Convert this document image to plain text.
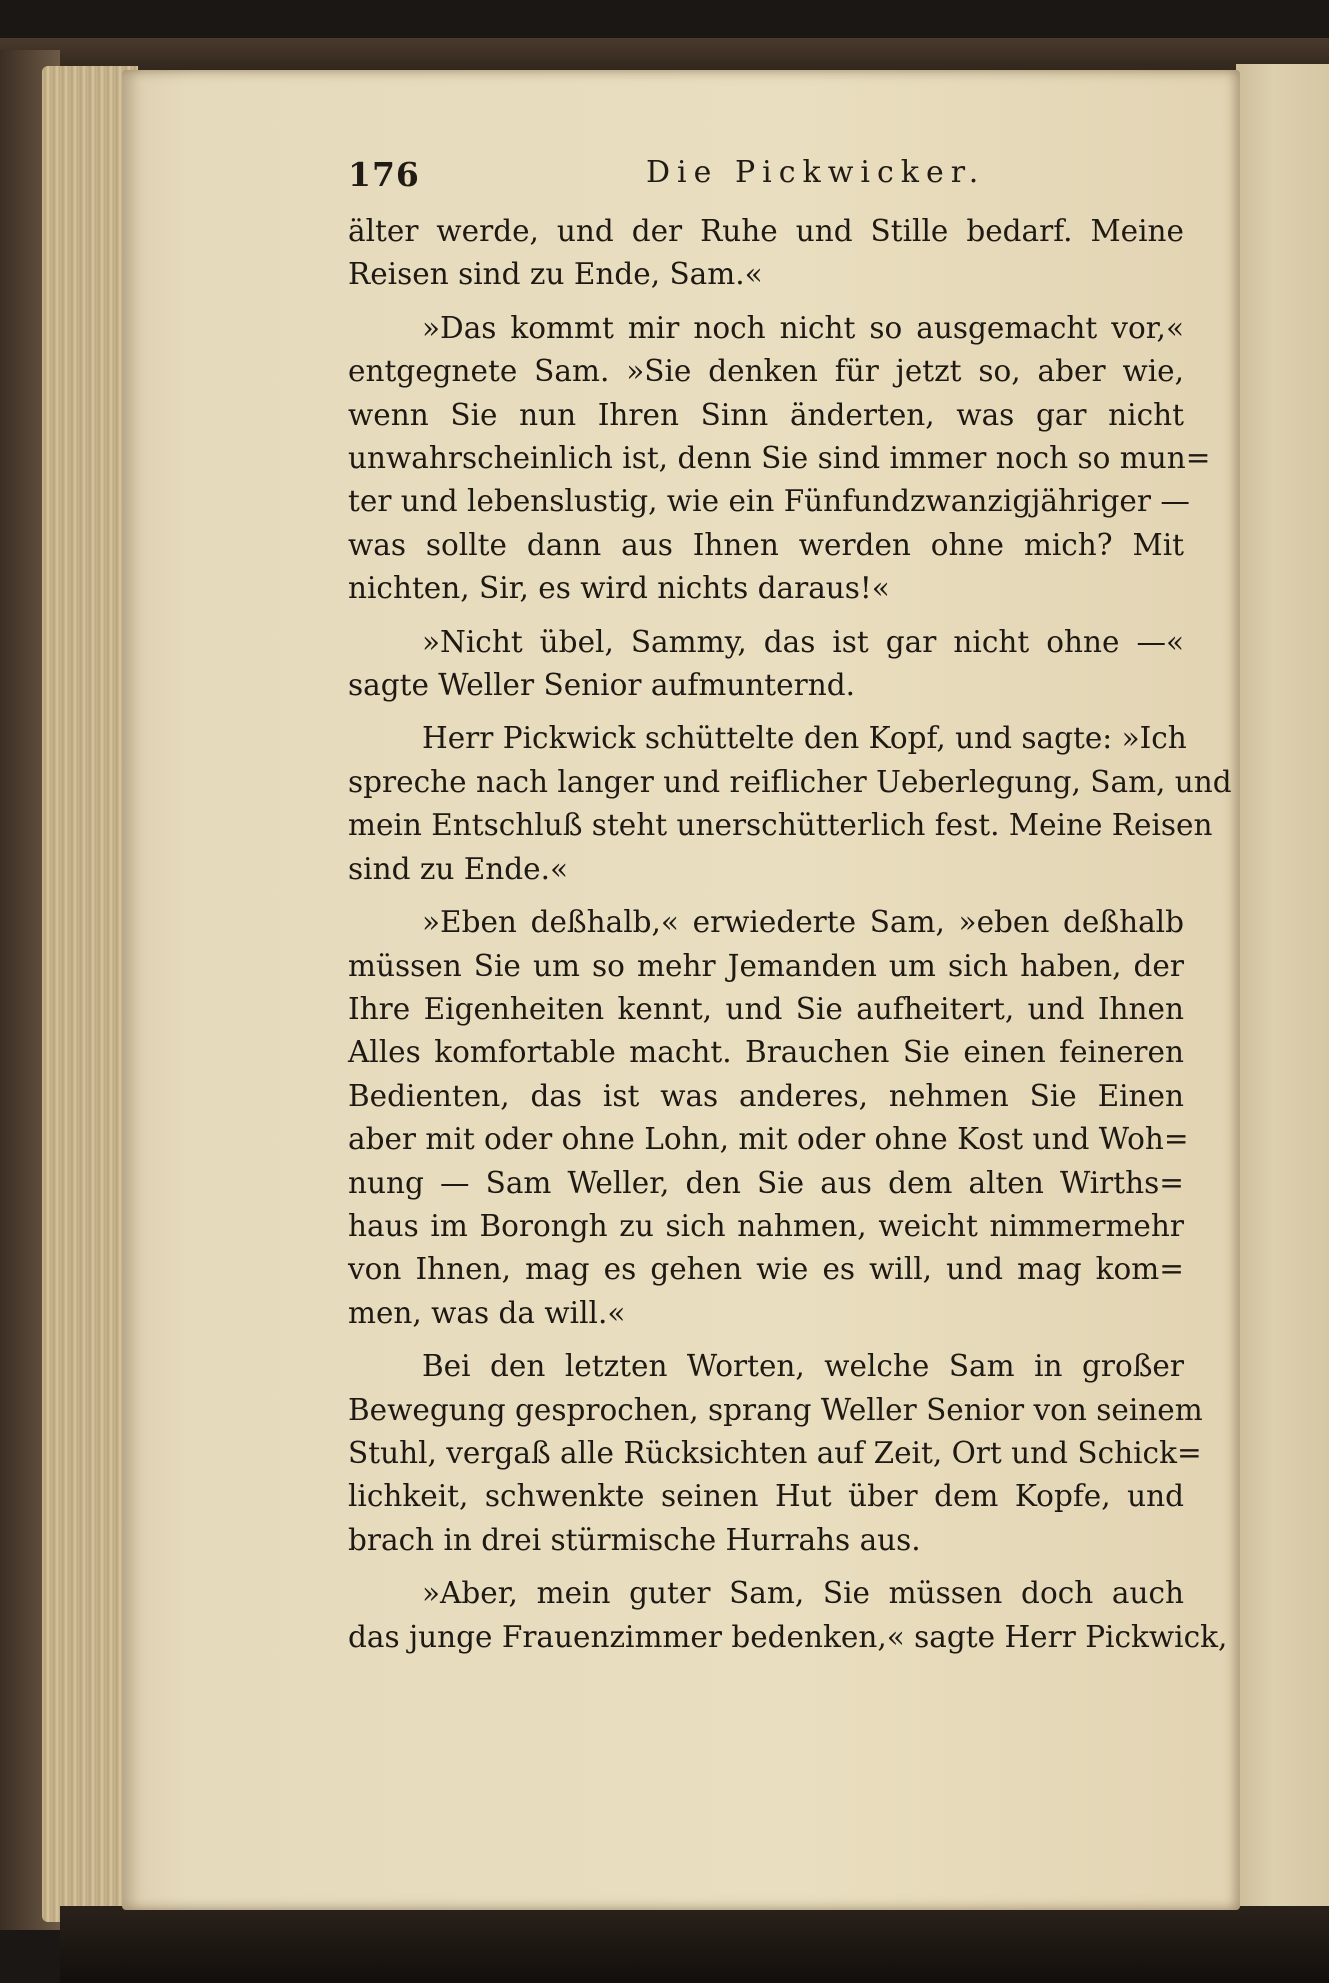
176	Die Pickwicker.
älter werde, und der Ruhe und Stille bedarf. Meine
Reisen sind zu Ende, Sam.«
»Das kommt mir noch nicht so ausgemacht vor,«
entgegnete Sam. »Sie denken für jetzt so, aber wie,
wenn Sie nun Ihren Sinn änderten, was gar nicht
unwahrscheinlich ist, denn Sie sind immer noch so mun=
ter und lebenslustig, wie ein Fünfundzwanzigjähriger —
was sollte dann aus Ihnen werden ohne mich? Mit
nichten, Sir, es wird nichts daraus!«
»Nicht übel, Sammy, das ist gar nicht ohne —«
sagte Weller Senior aufmunternd.
Herr Pickwick schüttelte den Kopf, und sagte: »Ich
spreche nach langer und reiflicher Ueberlegung, Sam, und
mein Entschluß steht unerschütterlich fest. Meine Reisen
sind zu Ende.«
»Eben deßhalb,« erwiederte Sam, »eben deßhalb
müssen Sie um so mehr Jemanden um sich haben, der
Ihre Eigenheiten kennt, und Sie aufheitert, und Ihnen
Alles komfortable macht. Brauchen Sie einen feineren
Bedienten, das ist was anderes, nehmen Sie Einen
aber mit oder ohne Lohn, mit oder ohne Kost und Woh=
nung — Sam Weller, den Sie aus dem alten Wirths=
haus im Borongh zu sich nahmen, weicht nimmermehr
von Ihnen, mag es gehen wie es will, und mag kom=
men, was da will.«
Bei den letzten Worten, welche Sam in großer
Bewegung gesprochen, sprang Weller Senior von seinem
Stuhl, vergaß alle Rücksichten auf Zeit, Ort und Schick=
lichkeit, schwenkte seinen Hut über dem Kopfe, und
brach in drei stürmische Hurrahs aus.
»Aber, mein guter Sam, Sie müssen doch auch
das junge Frauenzimmer bedenken,« sagte Herr Pickwick,
